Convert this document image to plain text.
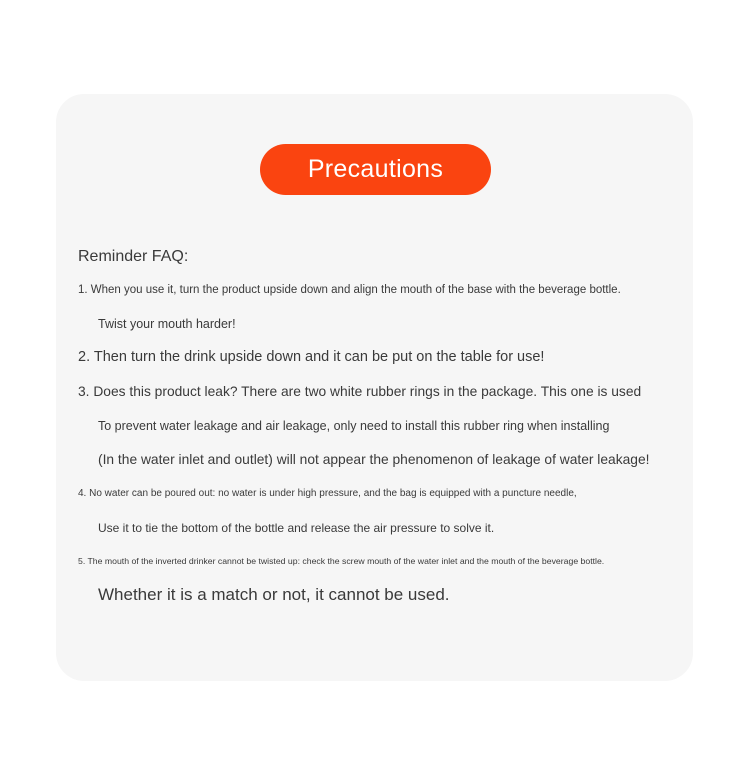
Precautions
Reminder FAQ:
1. When you use it, turn the product upside down and align the mouth of the base with the beverage bottle.
Twist your mouth harder!
2. Then turn the drink upside down and it can be put on the table for use!
3. Does this product leak? There are two white rubber rings in the package. This one is used
To prevent water leakage and air leakage, only need to install this rubber ring when installing
(In the water inlet and outlet) will not appear the phenomenon of leakage of water leakage!
4. No water can be poured out: no water is under high pressure, and the bag is equipped with a puncture needle,
Use it to tie the bottom of the bottle and release the air pressure to solve it.
5. The mouth of the inverted drinker cannot be twisted up: check the screw mouth of the water inlet and the mouth of the beverage bottle.
Whether it is a match or not, it cannot be used.
